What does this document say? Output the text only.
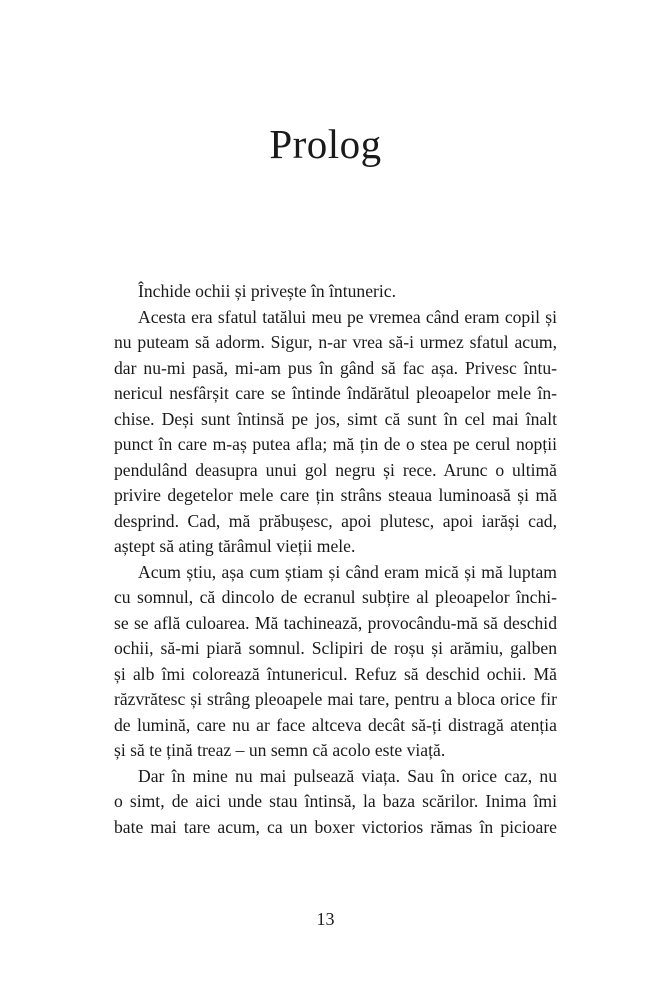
Prolog
Închide ochii și privește în întuneric.
Acesta era sfatul tatălui meu pe vremea când eram copil și
nu puteam să adorm. Sigur, n-ar vrea să-i urmez sfatul acum,
dar nu-mi pasă, mi-am pus în gând să fac așa. Privesc întu-
nericul nesfârșit care se întinde îndărătul pleoapelor mele în-
chise. Deși sunt întinsă pe jos, simt că sunt în cel mai înalt
punct în care m-aș putea afla; mă țin de o stea pe cerul nopții
pendulând deasupra unui gol negru și rece. Arunc o ultimă
privire degetelor mele care țin strâns steaua luminoasă și mă
desprind. Cad, mă prăbușesc, apoi plutesc, apoi iarăși cad,
aștept să ating tărâmul vieții mele.
Acum știu, așa cum știam și când eram mică și mă luptam
cu somnul, că dincolo de ecranul subțire al pleoapelor închi-
se se află culoarea. Mă tachinează, provocându-mă să deschid
ochii, să-mi piară somnul. Sclipiri de roșu și arămiu, galben
și alb îmi colorează întunericul. Refuz să deschid ochii. Mă
răzvrătesc și strâng pleoapele mai tare, pentru a bloca orice fir
de lumină, care nu ar face altceva decât să-ți distragă atenția
și să te țină treaz – un semn că acolo este viață.
Dar în mine nu mai pulsează viața. Sau în orice caz, nu
o simt, de aici unde stau întinsă, la baza scărilor. Inima îmi
bate mai tare acum, ca un boxer victorios rămas în picioare
13
